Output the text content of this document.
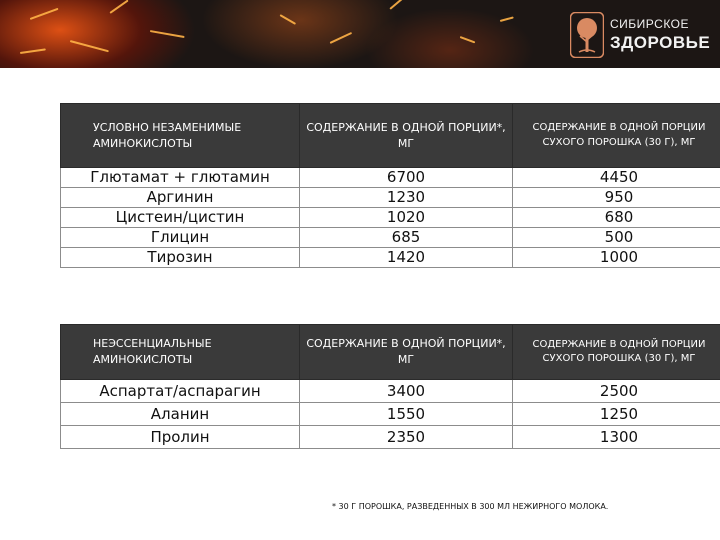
СИБИРСКОЕ
ЗДОРОВЬЕ
УСЛОВНО НЕЗАМЕНИМЫЕ АМИНОКИСЛОТЫ	СОДЕРЖАНИЕ В ОДНОЙ ПОРЦИИ*, МГ	СОДЕРЖАНИЕ В ОДНОЙ ПОРЦИИ СУХОГО ПОРОШКА (30 Г), МГ
Глютамат + глютамин	6700	4450
Аргинин	1230	950
Цистеин/цистин	1020	680
Глицин	685	500
Тирозин	1420	1000
НЕЭССЕНЦИАЛЬНЫЕ АМИНОКИСЛОТЫ	СОДЕРЖАНИЕ В ОДНОЙ ПОРЦИИ*, МГ	СОДЕРЖАНИЕ В ОДНОЙ ПОРЦИИ СУХОГО ПОРОШКА (30 Г), МГ
Аспартат/аспарагин	3400	2500
Аланин	1550	1250
Пролин	2350	1300
* 30 Г ПОРОШКА, РАЗВЕДЕННЫХ В 300 МЛ НЕЖИРНОГО МОЛОКА.
